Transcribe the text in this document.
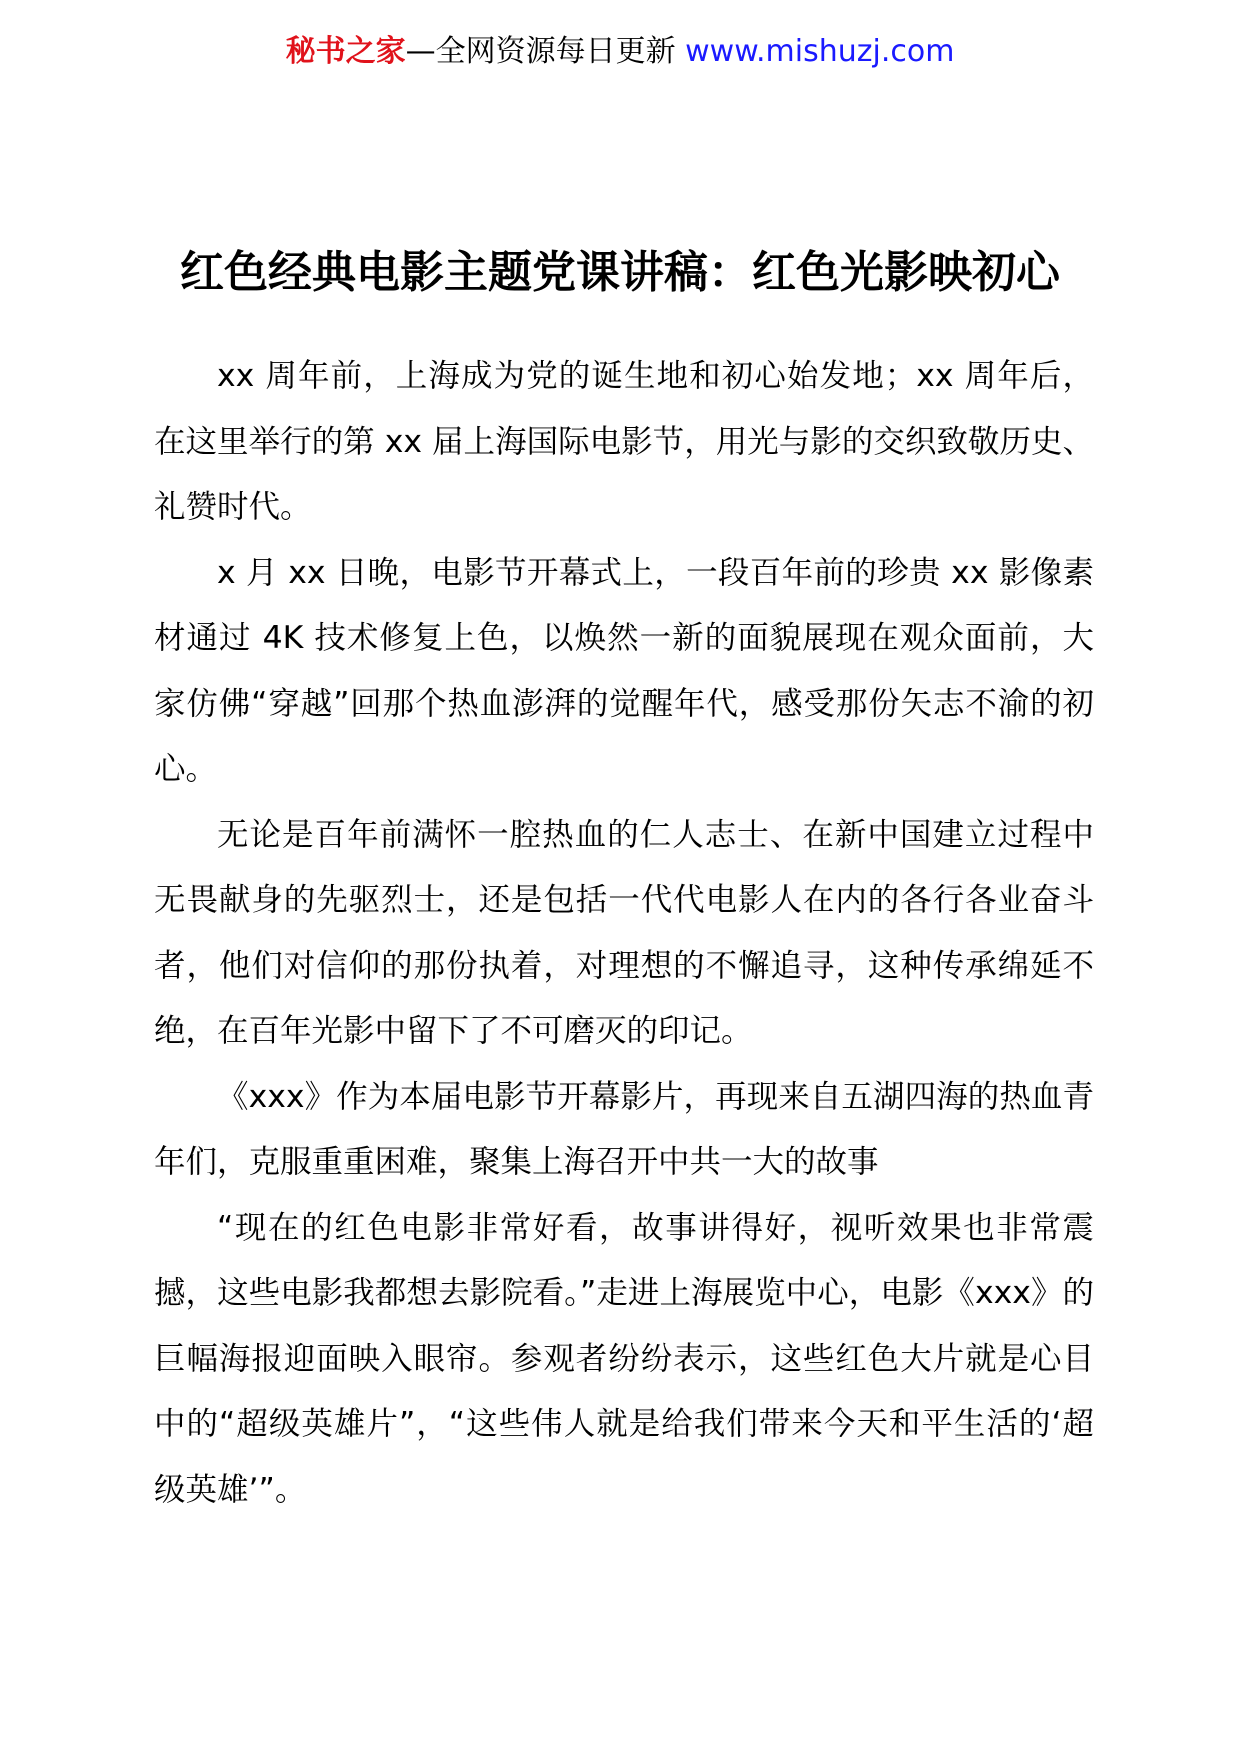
秘书之家—全网资源每日更新 www.mishuzj.com
红色经典电影主题党课讲稿：红色光影映初心

xx 周年前，上海成为党的诞生地和初心始发地；xx 周年后，在这里举行的第 xx 届上海国际电影节，用光与影的交织致敬历史、礼赞时代。

x 月 xx 日晚，电影节开幕式上，一段百年前的珍贵 xx 影像素材通过 4K 技术修复上色，以焕然一新的面貌展现在观众面前，大家仿佛“穿越”回那个热血澎湃的觉醒年代，感受那份矢志不渝的初心。

无论是百年前满怀一腔热血的仁人志士、在新中国建立过程中无畏献身的先驱烈士，还是包括一代代电影人在内的各行各业奋斗者，他们对信仰的那份执着，对理想的不懈追寻，这种传承绵延不绝，在百年光影中留下了不可磨灭的印记。

《xxx》作为本届电影节开幕影片，再现来自五湖四海的热血青年们，克服重重困难，聚集上海召开中共一大的故事

“现在的红色电影非常好看，故事讲得好，视听效果也非常震撼，这些电影我都想去影院看。”走进上海展览中心，电影《xxx》的巨幅海报迎面映入眼帘。参观者纷纷表示，这些红色大片就是心目中的“超级英雄片”，“这些伟人就是给我们带来今天和平生活的‘超级英雄’”。
